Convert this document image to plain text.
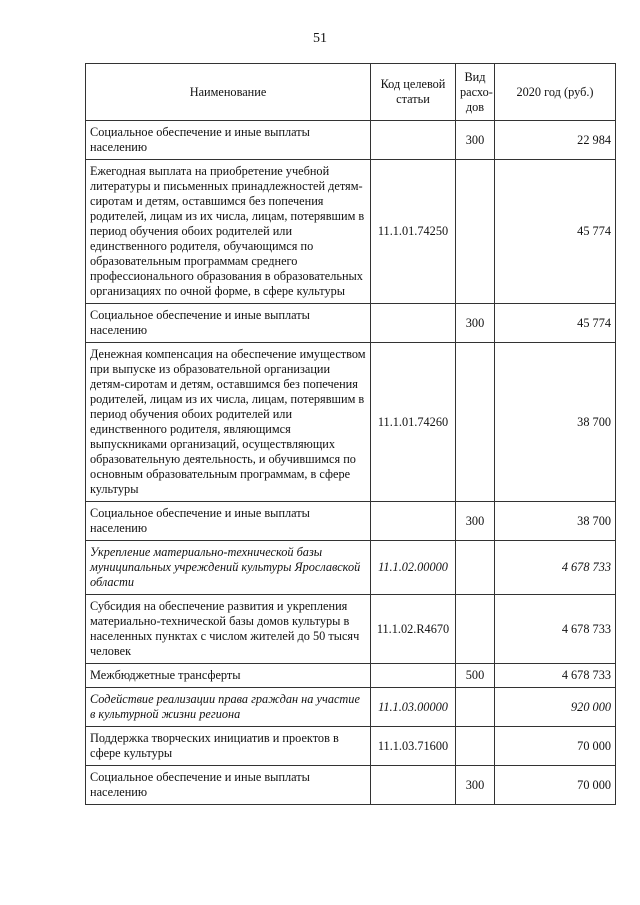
51
Наименование	Код целевой статьи	Вид расхо-дов	2020 год (руб.)
Социальное обеспечение и иные выплаты населению		300	22 984
Ежегодная выплата на приобретение учебной литературы и письменных принадлежностей детям-сиротам и детям, оставшимся без попечения родителей, лицам из их числа, лицам, потерявшим в период обучения обоих родителей или единственного родителя, обучающимся по образовательным программам среднего профессионального образования в образовательных организациях по очной форме, в сфере культуры	11.1.01.74250		45 774
Социальное обеспечение и иные выплаты населению		300	45 774
Денежная компенсация на обеспечение имуществом при выпуске из образовательной организации детям-сиротам и детям, оставшимся без попечения родителей, лицам из их числа, лицам, потерявшим в период обучения обоих родителей или единственного родителя, являющимся выпускниками организаций, осуществляющих образовательную деятельность, и обучившимся по основным образовательным программам, в сфере культуры	11.1.01.74260		38 700
Социальное обеспечение и иные выплаты населению		300	38 700
Укрепление материально-технической базы муниципальных учреждений культуры Ярославской области	11.1.02.00000		4 678 733
Субсидия на обеспечение развития и укрепления материально-технической базы домов культуры в населенных пунктах с числом жителей до 50 тысяч человек	11.1.02.R4670		4 678 733
Межбюджетные трансферты		500	4 678 733
Содействие реализации права граждан на участие в культурной жизни региона	11.1.03.00000		920 000
Поддержка творческих инициатив и проектов в сфере культуры	11.1.03.71600		70 000
Социальное обеспечение и иные выплаты населению		300	70 000
